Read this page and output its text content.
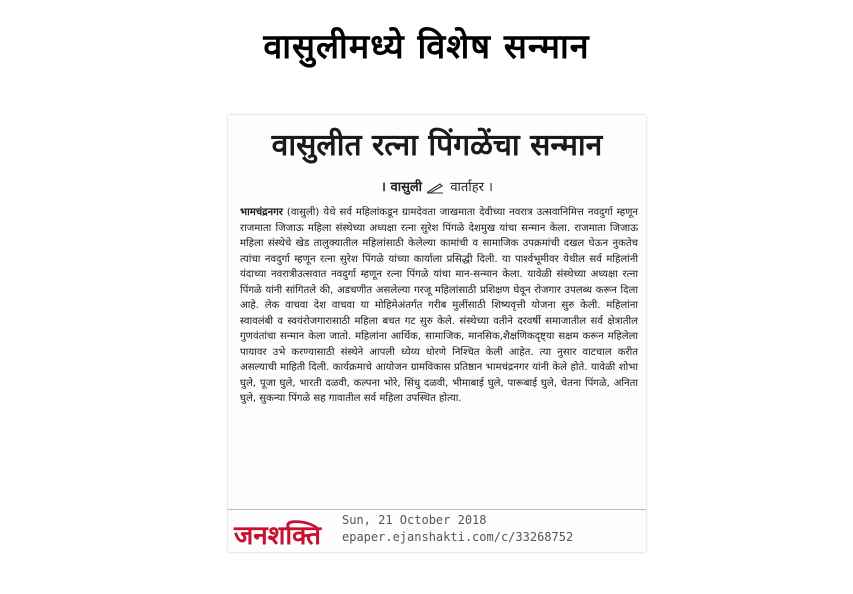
वासुलीमध्ये विशेष सन्मान
वासुलीत रत्ना पिंगळेंचा सन्मान
। वासुली वार्ताहर ।
भामचंद्रनगर (वासुली) येथे सर्व महिलांकडून ग्रामदेवता जाखमाता देवीच्या नवरात्र उत्सवानिमित्त नवदुर्गा म्हणून राजमाता जिजाऊ महिला संस्थेच्या अध्यक्षा रत्ना सुरेश पिंगळे देशमुख यांचा सन्मान केला. राजमाता जिजाऊ महिला संस्थेचे खेड तालुक्यातील महिलांसाठी केलेल्या कामांची व सामाजिक उपक्रमांची दखल घेऊन नुकतेच त्यांचा नवदुर्गा म्हणून रत्ना सुरेश पिंगळे यांच्या कार्याला प्रसिद्धी दिली. या पार्श्वभूमीवर येथील सर्व महिलांनी यंदाच्या नवरात्रीउत्सवात नवदुर्गा म्हणून रत्ना पिंगळे यांचा मान-सन्मान केला. यावेळी संस्थेच्या अध्यक्षा रत्ना पिंगळे यांनी सांगितले की, अडचणीत असलेल्या गरजू महिलांसाठी प्रशिक्षण घेवून रोजगार उपलब्ध करून दिला आहे. लेक वाचवा देश वाचवा या मोहिमेअंतर्गत गरीब मुलींसाठी शिष्यवृत्ती योजना सुरु केली. महिलांना स्वावलंबी व स्वयंरोजगारासाठी महिला बचत गट सुरु केले. संस्थेच्या वतीने दरवर्षी समाजातील सर्व क्षेत्रातील गुणवंतांचा सन्मान केला जातो. महिलांना आर्थिक, सामाजिक, मानसिक,शैक्षणिकदृष्ट्या सक्षम करून महिलेला पायावर उभे करण्यासाठी संस्थेने आपली ध्येय्य धोरणे निश्चित केली आहेत. त्या नुसार वाटचाल करीत असल्याची माहिती दिली. कार्यक्रमाचे आयोजन ग्रामविकास प्रतिष्ठान भामचंद्रनगर यांनी केले होते. यावेळी शोभा घुले, पूजा घुले, भारती दळवी, कल्पना भोरे, सिंधु दळवी, भीमाबाई घुले, पारूबाई घुले, चेतना पिंगळे, अनिता घुले, सुकन्या पिंगळे सह गावातील सर्व महिला उपस्थित होत्या.
जनशक्ति
Sun, 21 October 2018
epaper.ejanshakti.com/c/33268752
